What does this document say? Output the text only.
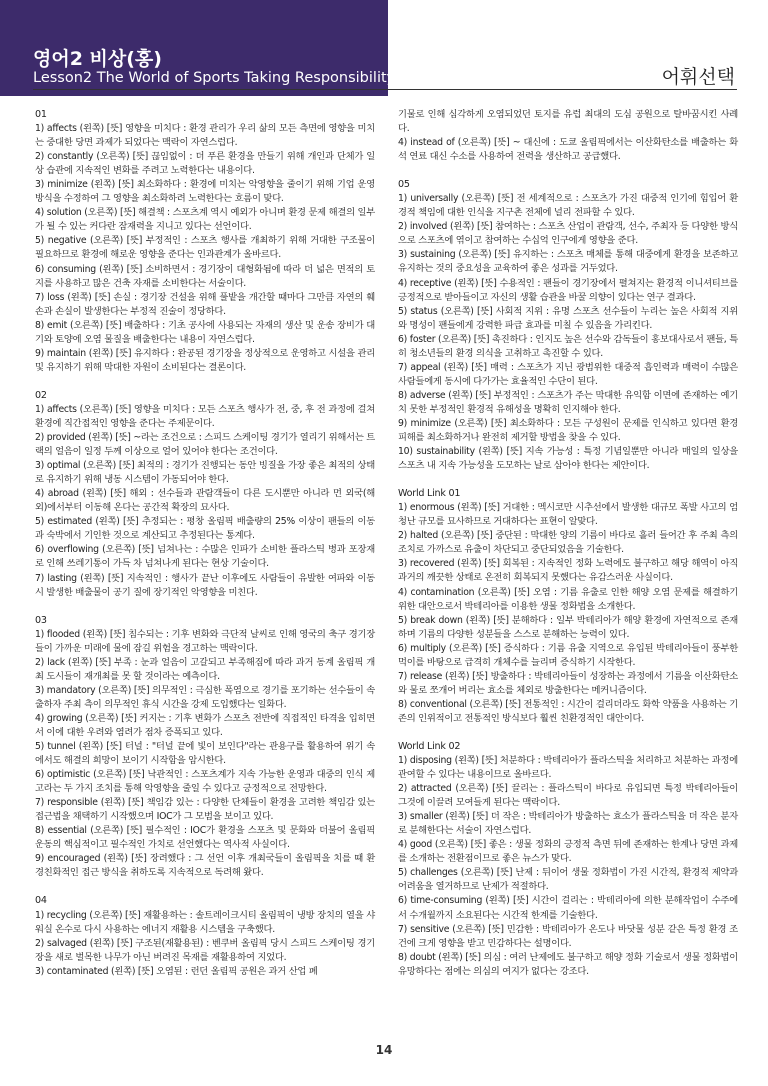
영어2 비상(홍)
Lesson2 The World of Sports Taking Responsibility	어휘선택
01
1) affects (왼쪽) [뜻] 영향을 미치다 : 환경 관리가 우리 삶의 모든 측면에 영향을 미치는 중대한 당면 과제가 되었다는 맥락이 자연스럽다.
2) constantly (오른쪽) [뜻] 끊임없이 : 더 푸른 환경을 만들기 위해 개인과 단체가 일상 습관에 지속적인 변화를 주려고 노력한다는 내용이다.
3) minimize (왼쪽) [뜻] 최소화하다 : 환경에 미치는 악영향을 줄이기 위해 기업 운영 방식을 수정하여 그 영향을 최소화하려 노력한다는 흐름이 맞다.
4) solution (오른쪽) [뜻] 해결책 : 스포츠계 역시 예외가 아니며 환경 문제 해결의 일부가 될 수 있는 커다란 잠재력을 지니고 있다는 선언이다.
5) negative (오른쪽) [뜻] 부정적인 : 스포츠 행사를 개최하기 위해 거대한 구조물이 필요하므로 환경에 해로운 영향을 준다는 인과관계가 올바르다.
6) consuming (왼쪽) [뜻] 소비하면서 : 경기장이 대형화됨에 따라 더 넓은 면적의 토지를 사용하고 많은 건축 자재를 소비한다는 서술이다.
7) loss (왼쪽) [뜻] 손실 : 경기장 건설을 위해 풀밭을 개간할 때마다 그만큼 자연의 훼손과 손실이 발생한다는 부정적 진술이 정당하다.
8) emit (오른쪽) [뜻] 배출하다 : 기초 공사에 사용되는 자재의 생산 및 운송 장비가 대기와 토양에 오염 물질을 배출한다는 내용이 자연스럽다.
9) maintain (왼쪽) [뜻] 유지하다 : 완공된 경기장을 정상적으로 운영하고 시설을 관리 및 유지하기 위해 막대한 자원이 소비된다는 결론이다.
02
1) affects (오른쪽) [뜻] 영향을 미치다 : 모든 스포츠 행사가 전, 중, 후 전 과정에 걸쳐 환경에 직간접적인 영향을 준다는 주제문이다.
2) provided (왼쪽) [뜻] ~라는 조건으로 : 스피드 스케이팅 경기가 열리기 위해서는 트랙의 얼음이 일정 두께 이상으로 얼어 있어야 한다는 조건이다.
3) optimal (오른쪽) [뜻] 최적의 : 경기가 진행되는 동안 빙질을 가장 좋은 최적의 상태로 유지하기 위해 냉동 시스템이 가동되어야 한다.
4) abroad (왼쪽) [뜻] 해외 : 선수들과 관람객들이 다른 도시뿐만 아니라 먼 외국(해외)에서부터 이동해 온다는 공간적 확장의 묘사다.
5) estimated (왼쪽) [뜻] 추정되는 : 평창 올림픽 배출량의 25% 이상이 팬들의 이동과 숙박에서 기인한 것으로 계산되고 추정된다는 통계다.
6) overflowing (오른쪽) [뜻] 넘쳐나는 : 수많은 인파가 소비한 플라스틱 병과 포장재로 인해 쓰레기통이 가득 차 넘쳐나게 된다는 현상 기술이다.
7) lasting (왼쪽) [뜻] 지속적인 : 행사가 끝난 이후에도 사람들이 유발한 여파와 이동 시 발생한 배출물이 공기 질에 장기적인 악영향을 미친다.
03
1) flooded (왼쪽) [뜻] 침수되는 : 기후 변화와 극단적 날씨로 인해 영국의 축구 경기장들이 가까운 미래에 물에 잠길 위험을 경고하는 맥락이다.
2) lack (왼쪽) [뜻] 부족 : 눈과 얼음이 고갈되고 부족해짐에 따라 과거 동계 올림픽 개최 도시들이 재개최를 못 할 것이라는 예측이다.
3) mandatory (오른쪽) [뜻] 의무적인 : 극심한 폭염으로 경기를 포기하는 선수들이 속출하자 주최 측이 의무적인 휴식 시간을 강제 도입했다는 일화다.
4) growing (오른쪽) [뜻] 커지는 : 기후 변화가 스포츠 전반에 직접적인 타격을 입히면서 이에 대한 우려와 염려가 점차 증폭되고 있다.
5) tunnel (왼쪽) [뜻] 터널 : "터널 끝에 빛이 보인다"라는 관용구를 활용하여 위기 속에서도 해결의 희망이 보이기 시작함을 암시한다.
6) optimistic (오른쪽) [뜻] 낙관적인 : 스포츠계가 지속 가능한 운영과 대중의 인식 제고라는 두 가지 조치를 통해 악영향을 줄일 수 있다고 긍정적으로 전망한다.
7) responsible (왼쪽) [뜻] 책임감 있는 : 다양한 단체들이 환경을 고려한 책임감 있는 접근법을 채택하기 시작했으며 IOC가 그 모범을 보이고 있다.
8) essential (오른쪽) [뜻] 필수적인 : IOC가 환경을 스포츠 및 문화와 더불어 올림픽 운동의 핵심적이고 필수적인 가치로 선언했다는 역사적 사실이다.
9) encouraged (왼쪽) [뜻] 장려했다 : 그 선언 이후 개최국들이 올림픽을 치를 때 환경친화적인 접근 방식을 취하도록 지속적으로 독려해 왔다.
04
1) recycling (오른쪽) [뜻] 재활용하는 : 솔트레이크시티 올림픽이 냉방 장치의 열을 샤워실 온수로 다시 사용하는 에너지 재활용 시스템을 구축했다.
2) salvaged (왼쪽) [뜻] 구조된(재활용된) : 벤쿠버 올림픽 당시 스피드 스케이팅 경기장을 새로 벌목한 나무가 아닌 버려진 목재를 재활용하여 지었다.
3) contaminated (왼쪽) [뜻] 오염된 : 런던 올림픽 공원은 과거 산업 폐
기물로 인해 심각하게 오염되었던 토지를 유럽 최대의 도심 공원으로 탈바꿈시킨 사례다.
4) instead of (오른쪽) [뜻] ~ 대신에 : 도쿄 올림픽에서는 이산화탄소를 배출하는 화석 연료 대신 수소를 사용하여 전력을 생산하고 공급했다.
05
1) universally (오른쪽) [뜻] 전 세계적으로 : 스포츠가 가진 대중적 인기에 힘입어 환경적 책임에 대한 인식을 지구촌 전체에 널리 전파할 수 있다.
2) involved (왼쪽) [뜻] 참여하는 : 스포츠 산업이 관람객, 선수, 주최자 등 다양한 방식으로 스포츠에 엮이고 참여하는 수십억 인구에게 영향을 준다.
3) sustaining (오른쪽) [뜻] 유지하는 : 스포츠 매체를 통해 대중에게 환경을 보존하고 유지하는 것의 중요성을 교육하여 좋은 성과를 거두었다.
4) receptive (왼쪽) [뜻] 수용적인 : 팬들이 경기장에서 펼쳐지는 환경적 이니셔티브를 긍정적으로 받아들이고 자신의 생활 습관을 바꿀 의향이 있다는 연구 결과다.
5) status (오른쪽) [뜻] 사회적 지위 : 유명 스포츠 선수들이 누리는 높은 사회적 지위와 명성이 팬들에게 강력한 파급 효과를 미칠 수 있음을 가리킨다.
6) foster (오른쪽) [뜻] 촉진하다 : 인지도 높은 선수와 감독들이 홍보대사로서 팬들, 특히 청소년들의 환경 의식을 고취하고 촉진할 수 있다.
7) appeal (왼쪽) [뜻] 매력 : 스포츠가 지닌 광범위한 대중적 흡인력과 매력이 수많은 사람들에게 동시에 다가가는 효율적인 수단이 된다.
8) adverse (왼쪽) [뜻] 부정적인 : 스포츠가 주는 막대한 유익함 이면에 존재하는 예기치 못한 부정적인 환경적 유해성을 명확히 인지해야 한다.
9) minimize (오른쪽) [뜻] 최소화하다 : 모든 구성원이 문제를 인식하고 있다면 환경 피해를 최소화하거나 완전히 제거할 방법을 찾을 수 있다.
10) sustainability (왼쪽) [뜻] 지속 가능성 : 특정 기념일뿐만 아니라 매일의 일상을 스포츠 내 지속 가능성을 도모하는 날로 삼아야 한다는 제안이다.
World Link 01
1) enormous (왼쪽) [뜻] 거대한 : 멕시코만 시추선에서 발생한 대규모 폭발 사고의 엄청난 규모를 묘사하므로 거대하다는 표현이 알맞다.
2) halted (오른쪽) [뜻] 중단된 : 막대한 양의 기름이 바다로 흘러 들어간 후 주최 측의 조치로 가까스로 유출이 차단되고 중단되었음을 기술한다.
3) recovered (왼쪽) [뜻] 회복된 : 지속적인 정화 노력에도 불구하고 해당 해역이 아직 과거의 깨끗한 상태로 온전히 회복되지 못했다는 유감스러운 사실이다.
4) contamination (오른쪽) [뜻] 오염 : 기름 유출로 인한 해양 오염 문제를 해결하기 위한 대안으로서 박테리아를 이용한 생물 정화법을 소개한다.
5) break down (왼쪽) [뜻] 분해하다 : 일부 박테리아가 해양 환경에 자연적으로 존재하며 기름의 다양한 성분들을 스스로 분해하는 능력이 있다.
6) multiply (오른쪽) [뜻] 증식하다 : 기름 유출 지역으로 유입된 박테리아들이 풍부한 먹이를 바탕으로 급격히 개체수를 늘리며 증식하기 시작한다.
7) release (왼쪽) [뜻] 방출하다 : 박테리아들이 성장하는 과정에서 기름을 이산화탄소와 물로 쪼개어 버리는 효소를 체외로 방출한다는 메커니즘이다.
8) conventional (오른쪽) [뜻] 전통적인 : 시간이 걸리더라도 화학 약품을 사용하는 기존의 인위적이고 전통적인 방식보다 훨씬 친환경적인 대안이다.
World Link 02
1) disposing (왼쪽) [뜻] 처분하다 : 박테리아가 플라스틱을 처리하고 처분하는 과정에 관여할 수 있다는 내용이므로 올바르다.
2) attracted (오른쪽) [뜻] 끌리는 : 플라스틱이 바다로 유입되면 특정 박테리아들이 그것에 이끌려 모여들게 된다는 맥락이다.
3) smaller (왼쪽) [뜻] 더 작은 : 박테리아가 방출하는 효소가 플라스틱을 더 작은 분자로 분해한다는 서술이 자연스럽다.
4) good (오른쪽) [뜻] 좋은 : 생물 정화의 긍정적 측면 뒤에 존재하는 한계나 당면 과제를 소개하는 전환점이므로 좋은 뉴스가 맞다.
5) challenges (오른쪽) [뜻] 난제 : 뒤이어 생물 정화법이 가진 시간적, 환경적 제약과 어려움을 열거하므로 난제가 적절하다.
6) time-consuming (왼쪽) [뜻] 시간이 걸리는 : 박테리아에 의한 분해작업이 수주에서 수개월까지 소요된다는 시간적 한계를 기술한다.
7) sensitive (오른쪽) [뜻] 민감한 : 박테리아가 온도나 바닷물 성분 같은 특정 환경 조건에 크게 영향을 받고 민감하다는 설명이다.
8) doubt (왼쪽) [뜻] 의심 : 여러 난제에도 불구하고 해양 정화 기술로서 생물 정화법이 유망하다는 점에는 의심의 여지가 없다는 강조다.
14
